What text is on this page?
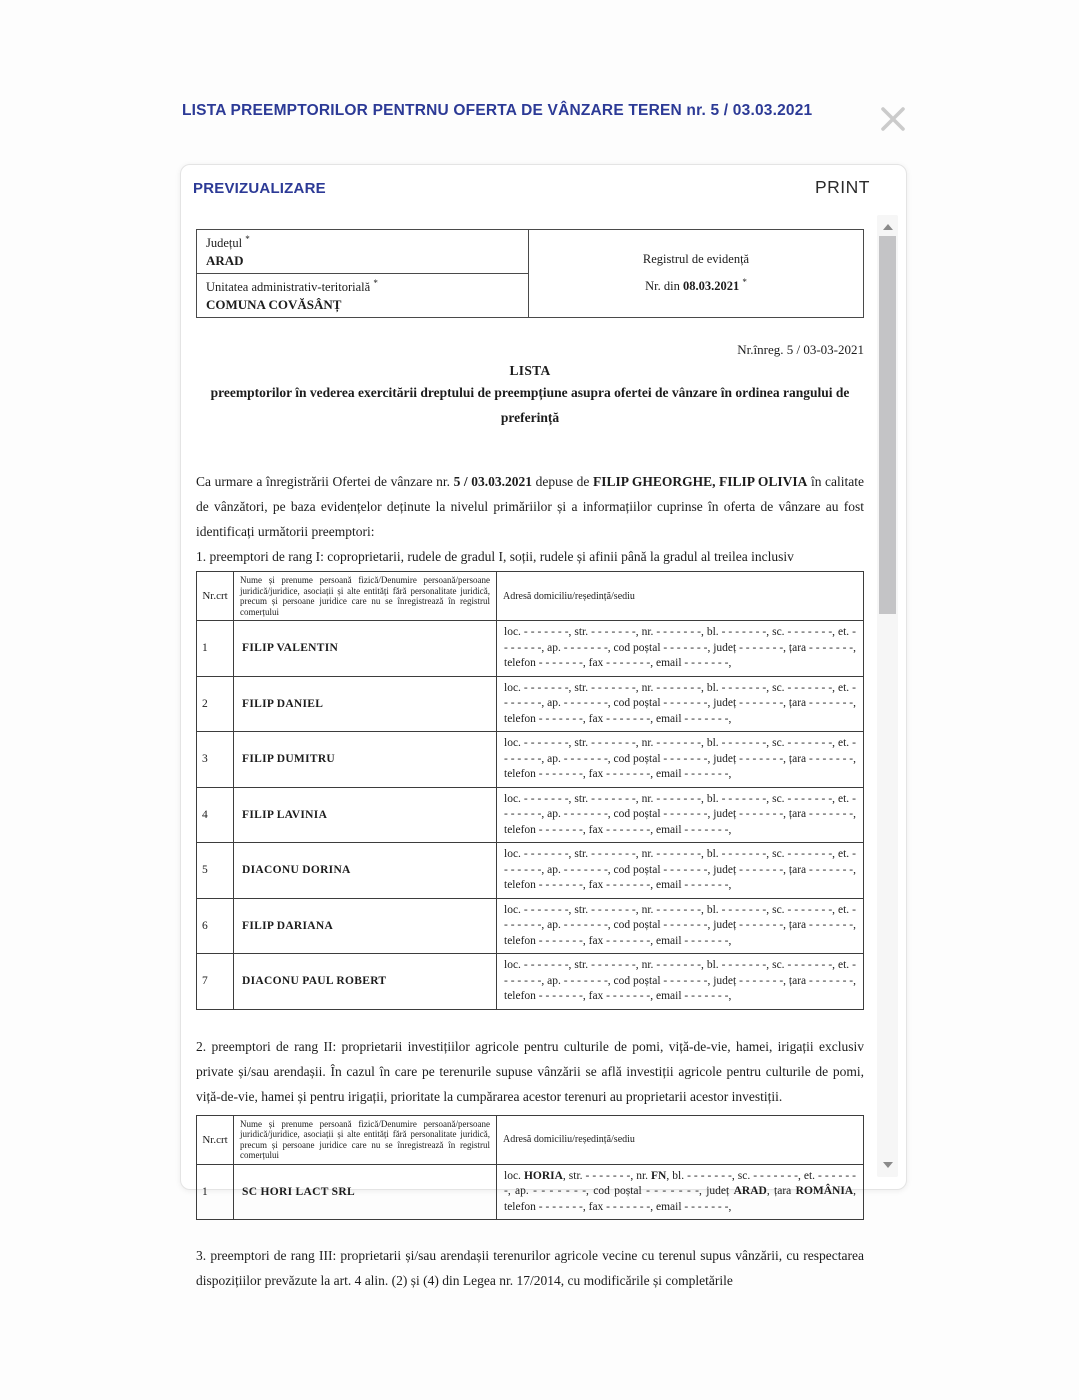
LISTA PREEMPTORILOR PENTRNU OFERTA DE VÂNZARE TEREN nr. 5 / 03.03.2021
PREVIZUALIZARE	PRINT
Județul *
ARAD	Registrul de evidență
Nr. din 08.03.2021 *

Unitatea administrativ-teritorială *
COMUNA COVĂSÂNȚ
Nr.înreg. 5 / 03-03-2021
LISTA
preemptorilor în vederea exercitării dreptului de preempțiune asupra ofertei de vânzare în ordinea rangului de preferință

Ca urmare a înregistrării Ofertei de vânzare nr. 5 / 03.03.2021 depuse de FILIP GHEORGHE, FILIP OLIVIA în calitate de vânzători, pe baza evidențelor deținute la nivelul primăriilor și a informațiilor cuprinse în oferta de vânzare au fost identificați următorii preemptori:

1. preemptori de rang I: coproprietarii, rudele de gradul I, soții, rudele și afinii până la gradul al treilea inclusiv
Nr.crt	Nume și prenume persoană fizică/Denumire persoană/persoane juridică/juridice, asociații și alte entități fără personalitate juridică, precum și persoane juridice care nu se înregistrează în registrul comerțului	Adresă domiciliu/reședință/sediu
1	FILIP VALENTIN	loc. - - - - - - -, str. - - - - - - -, nr. - - - - - - -, bl. - - - - - - -, sc. - - - - - - -, et. - - - - - - -, ap. - - - - - - -, cod poștal - - - - - - -, județ - - - - - - -, țara - - - - - - -, telefon - - - - - - -, fax - - - - - - -, email - - - - - - -,
2	FILIP DANIEL	loc. - - - - - - -, str. - - - - - - -, nr. - - - - - - -, bl. - - - - - - -, sc. - - - - - - -, et. - - - - - - -, ap. - - - - - - -, cod poștal - - - - - - -, județ - - - - - - -, țara - - - - - - -, telefon - - - - - - -, fax - - - - - - -, email - - - - - - -,
3	FILIP DUMITRU	loc. - - - - - - -, str. - - - - - - -, nr. - - - - - - -, bl. - - - - - - -, sc. - - - - - - -, et. - - - - - - -, ap. - - - - - - -, cod poștal - - - - - - -, județ - - - - - - -, țara - - - - - - -, telefon - - - - - - -, fax - - - - - - -, email - - - - - - -,
4	FILIP LAVINIA	loc. - - - - - - -, str. - - - - - - -, nr. - - - - - - -, bl. - - - - - - -, sc. - - - - - - -, et. - - - - - - -, ap. - - - - - - -, cod poștal - - - - - - -, județ - - - - - - -, țara - - - - - - -, telefon - - - - - - -, fax - - - - - - -, email - - - - - - -,
5	DIACONU DORINA	loc. - - - - - - -, str. - - - - - - -, nr. - - - - - - -, bl. - - - - - - -, sc. - - - - - - -, et. - - - - - - -, ap. - - - - - - -, cod poștal - - - - - - -, județ - - - - - - -, țara - - - - - - -, telefon - - - - - - -, fax - - - - - - -, email - - - - - - -,
6	FILIP DARIANA	loc. - - - - - - -, str. - - - - - - -, nr. - - - - - - -, bl. - - - - - - -, sc. - - - - - - -, et. - - - - - - -, ap. - - - - - - -, cod poștal - - - - - - -, județ - - - - - - -, țara - - - - - - -, telefon - - - - - - -, fax - - - - - - -, email - - - - - - -,
7	DIACONU PAUL ROBERT	loc. - - - - - - -, str. - - - - - - -, nr. - - - - - - -, bl. - - - - - - -, sc. - - - - - - -, et. - - - - - - -, ap. - - - - - - -, cod poștal - - - - - - -, județ - - - - - - -, țara - - - - - - -, telefon - - - - - - -, fax - - - - - - -, email - - - - - - -,

2. preemptori de rang II: proprietarii investițiilor agricole pentru culturile de pomi, viță-de-vie, hamei, irigații exclusiv private și/sau arendașii. În cazul în care pe terenurile supuse vânzării se află investiții agricole pentru culturile de pomi, viță-de-vie, hamei și pentru irigații, prioritate la cumpărarea acestor terenuri au proprietarii acestor investiții.

Nr.crt	Nume și prenume persoană fizică/Denumire persoană/persoane juridică/juridice, asociații și alte entități fără personalitate juridică, precum și persoane juridice care nu se înregistrează în registrul comerțului	Adresă domiciliu/reședință/sediu
1	SC HORI LACT SRL	loc. HORIA, str. - - - - - - -, nr. FN, bl. - - - - - - -, sc. - - - - - - -, et. - - - - - - -, ap. - - - - - - -, cod poștal - - - - - - -, județ ARAD, țara ROMÂNIA, telefon - - - - - - -, fax - - - - - - -, email - - - - - - -,

3. preemptori de rang III: proprietarii și/sau arendașii terenurilor agricole vecine cu terenul supus vânzării, cu respectarea dispozițiilor prevăzute la art. 4 alin. (2) și (4) din Legea nr. 17/2014, cu modificările și completările
